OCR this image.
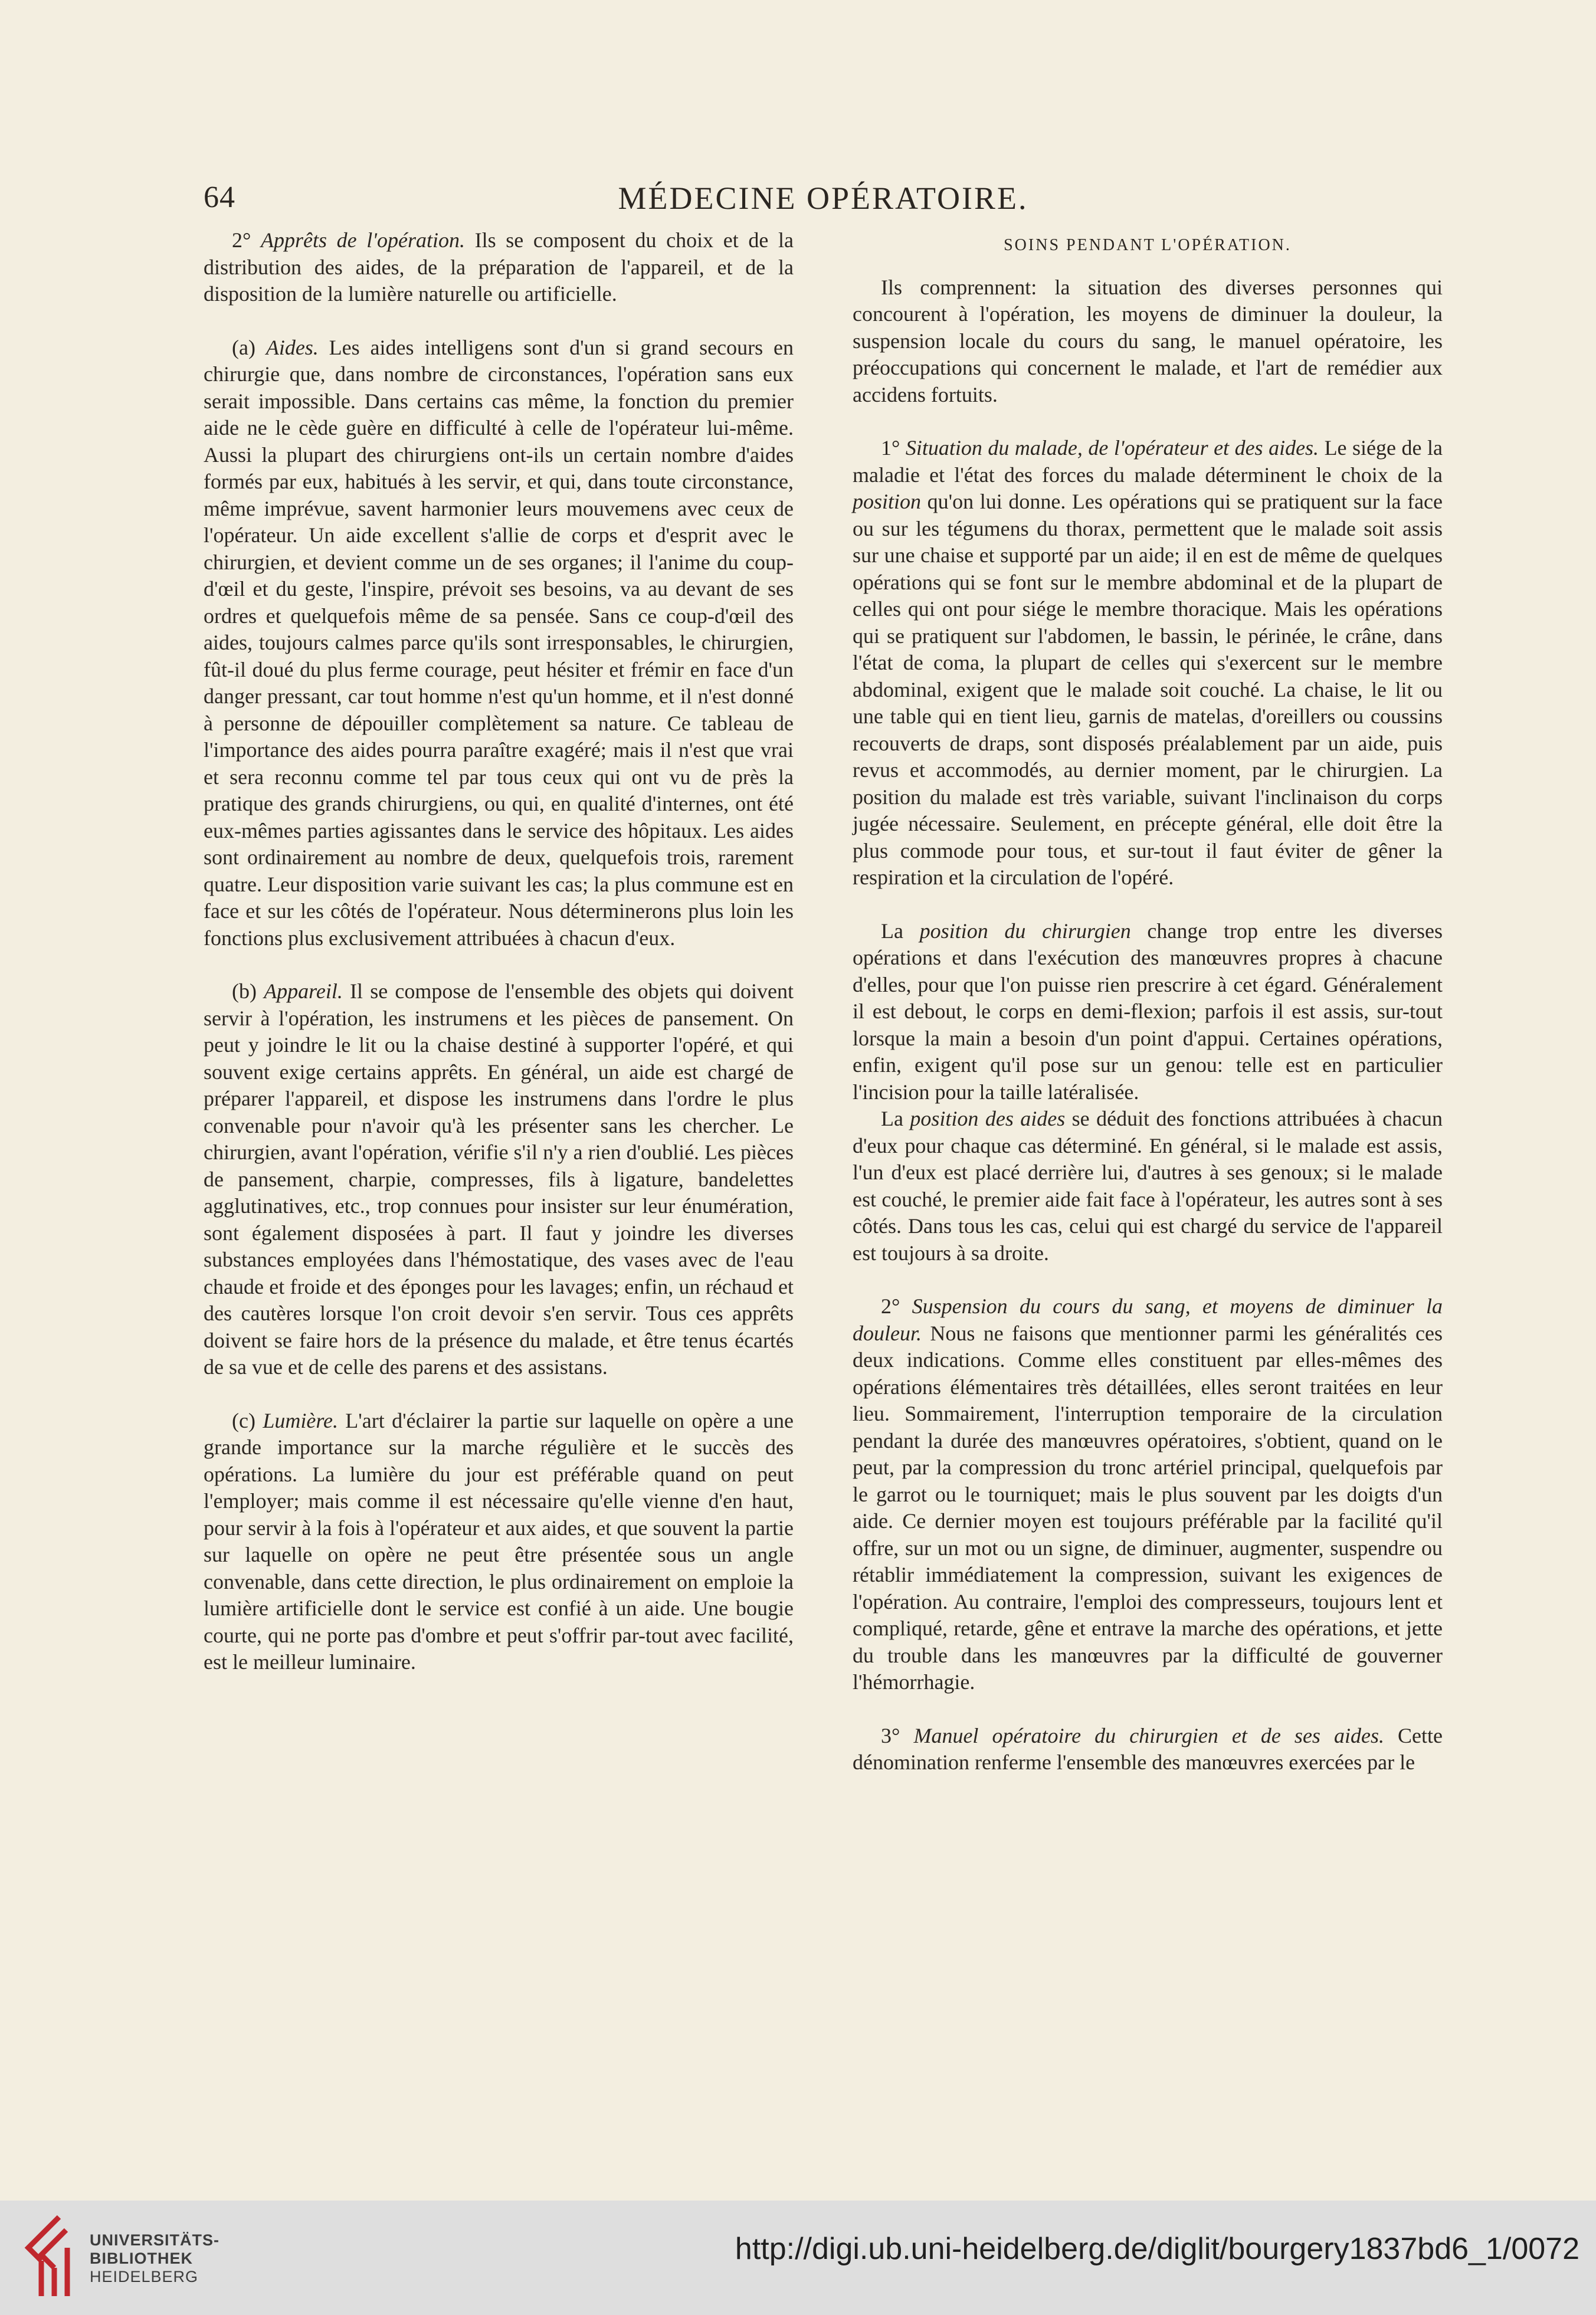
64	MÉDECINE OPÉRATOIRE.

2° Apprêts de l'opération. Ils se composent du choix et de la distribution des aides, de la préparation de l'appareil, et de la disposition de la lumière naturelle ou artificielle.

(a) Aides. Les aides intelligens sont d'un si grand secours en chirurgie que, dans nombre de circonstances, l'opération sans eux serait impossible. Dans certains cas même, la fonction du premier aide ne le cède guère en difficulté à celle de l'opérateur lui-même. Aussi la plupart des chirurgiens ont-ils un certain nombre d'aides formés par eux, habitués à les servir, et qui, dans toute circonstance, même imprévue, savent harmonier leurs mouvemens avec ceux de l'opérateur. Un aide excellent s'allie de corps et d'esprit avec le chirurgien, et devient comme un de ses organes; il l'anime du coup-d'œil et du geste, l'inspire, prévoit ses besoins, va au devant de ses ordres et quelquefois même de sa pensée. Sans ce coup-d'œil des aides, toujours calmes parce qu'ils sont irresponsables, le chirurgien, fût-il doué du plus ferme courage, peut hésiter et frémir en face d'un danger pressant, car tout homme n'est qu'un homme, et il n'est donné à personne de dépouiller complètement sa nature. Ce tableau de l'importance des aides pourra paraître exagéré; mais il n'est que vrai et sera reconnu comme tel par tous ceux qui ont vu de près la pratique des grands chirurgiens, ou qui, en qualité d'internes, ont été eux-mêmes parties agissantes dans le service des hôpitaux. Les aides sont ordinairement au nombre de deux, quelquefois trois, rarement quatre. Leur disposition varie suivant les cas; la plus commune est en face et sur les côtés de l'opérateur. Nous déterminerons plus loin les fonctions plus exclusivement attribuées à chacun d'eux.

(b) Appareil. Il se compose de l'ensemble des objets qui doivent servir à l'opération, les instrumens et les pièces de pansement. On peut y joindre le lit ou la chaise destiné à supporter l'opéré, et qui souvent exige certains apprêts. En général, un aide est chargé de préparer l'appareil, et dispose les instrumens dans l'ordre le plus convenable pour n'avoir qu'à les présenter sans les chercher. Le chirurgien, avant l'opération, vérifie s'il n'y a rien d'oublié. Les pièces de pansement, charpie, compresses, fils à ligature, bandelettes agglutinatives, etc., trop connues pour insister sur leur énumération, sont également disposées à part. Il faut y joindre les diverses substances employées dans l'hémostatique, des vases avec de l'eau chaude et froide et des éponges pour les lavages; enfin, un réchaud et des cautères lorsque l'on croit devoir s'en servir. Tous ces apprêts doivent se faire hors de la présence du malade, et être tenus écartés de sa vue et de celle des parens et des assistans.

(c) Lumière. L'art d'éclairer la partie sur laquelle on opère a une grande importance sur la marche régulière et le succès des opérations. La lumière du jour est préférable quand on peut l'employer; mais comme il est nécessaire qu'elle vienne d'en haut, pour servir à la fois à l'opérateur et aux aides, et que souvent la partie sur laquelle on opère ne peut être présentée sous un angle convenable, dans cette direction, le plus ordinairement on emploie la lumière artificielle dont le service est confié à un aide. Une bougie courte, qui ne porte pas d'ombre et peut s'offrir par-tout avec facilité, est le meilleur luminaire.

SOINS PENDANT L'OPÉRATION.

Ils comprennent: la situation des diverses personnes qui concourent à l'opération, les moyens de diminuer la douleur, la suspension locale du cours du sang, le manuel opératoire, les préoccupations qui concernent le malade, et l'art de remédier aux accidens fortuits.

1° Situation du malade, de l'opérateur et des aides. Le siége de la maladie et l'état des forces du malade déterminent le choix de la position qu'on lui donne. Les opérations qui se pratiquent sur la face ou sur les tégumens du thorax, permettent que le malade soit assis sur une chaise et supporté par un aide; il en est de même de quelques opérations qui se font sur le membre abdominal et de la plupart de celles qui ont pour siége le membre thoracique. Mais les opérations qui se pratiquent sur l'abdomen, le bassin, le périnée, le crâne, dans l'état de coma, la plupart de celles qui s'exercent sur le membre abdominal, exigent que le malade soit couché. La chaise, le lit ou une table qui en tient lieu, garnis de matelas, d'oreillers ou coussins recouverts de draps, sont disposés préalablement par un aide, puis revus et accommodés, au dernier moment, par le chirurgien. La position du malade est très variable, suivant l'inclinaison du corps jugée nécessaire. Seulement, en précepte général, elle doit être la plus commode pour tous, et sur-tout il faut éviter de gêner la respiration et la circulation de l'opéré.

La position du chirurgien change trop entre les diverses opérations et dans l'exécution des manœuvres propres à chacune d'elles, pour que l'on puisse rien prescrire à cet égard. Généralement il est debout, le corps en demi-flexion; parfois il est assis, sur-tout lorsque la main a besoin d'un point d'appui. Certaines opérations, enfin, exigent qu'il pose sur un genou: telle est en particulier l'incision pour la taille latéralisée.

La position des aides se déduit des fonctions attribuées à chacun d'eux pour chaque cas déterminé. En général, si le malade est assis, l'un d'eux est placé derrière lui, d'autres à ses genoux; si le malade est couché, le premier aide fait face à l'opérateur, les autres sont à ses côtés. Dans tous les cas, celui qui est chargé du service de l'appareil est toujours à sa droite.

2° Suspension du cours du sang, et moyens de diminuer la douleur. Nous ne faisons que mentionner parmi les généralités ces deux indications. Comme elles constituent par elles-mêmes des opérations élémentaires très détaillées, elles seront traitées en leur lieu. Sommairement, l'interruption temporaire de la circulation pendant la durée des manœuvres opératoires, s'obtient, quand on le peut, par la compression du tronc artériel principal, quelquefois par le garrot ou le tourniquet; mais le plus souvent par les doigts d'un aide. Ce dernier moyen est toujours préférable par la facilité qu'il offre, sur un mot ou un signe, de diminuer, augmenter, suspendre ou rétablir immédiatement la compression, suivant les exigences de l'opération. Au contraire, l'emploi des compresseurs, toujours lent et compliqué, retarde, gêne et entrave la marche des opérations, et jette du trouble dans les manœuvres par la difficulté de gouverner l'hémorrhagie.

3° Manuel opératoire du chirurgien et de ses aides. Cette dénomination renferme l'ensemble des manœuvres exercées par le

UNIVERSITÄTS-
BIBLIOTHEK
HEIDELBERG
http://digi.ub.uni-heidelberg.de/diglit/bourgery1837bd6_1/0072
